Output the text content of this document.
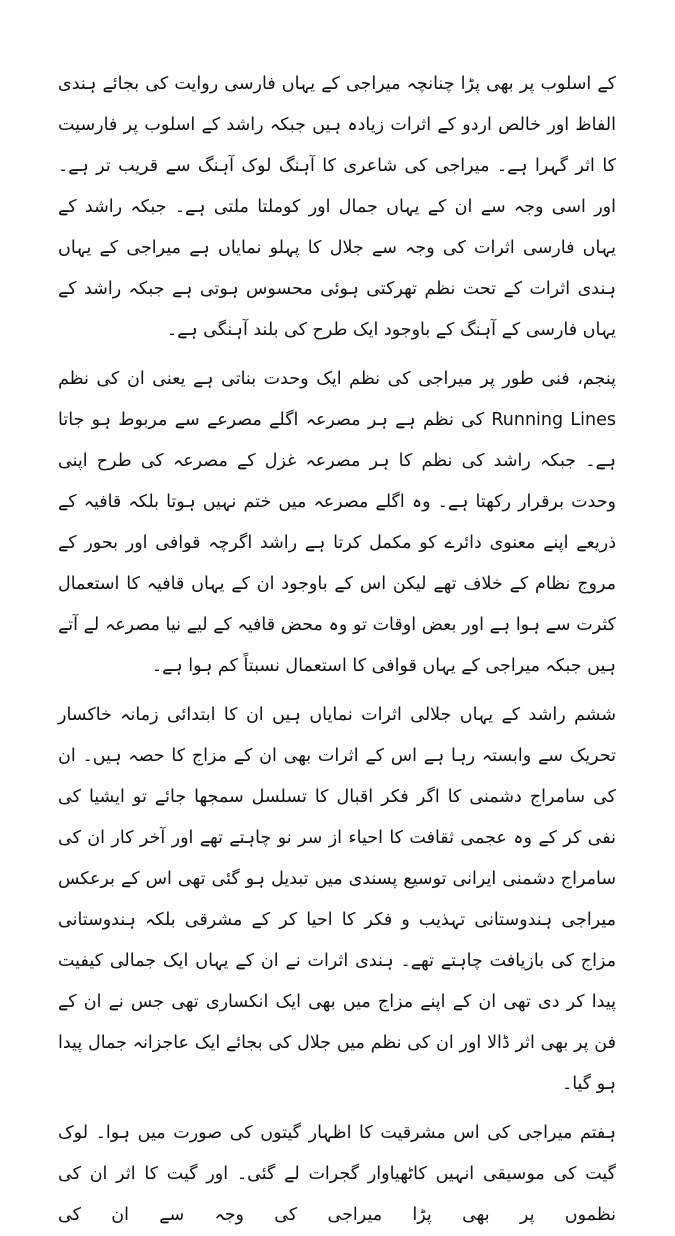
کے اسلوب پر بھی پڑا چنانچہ میراجی کے یہاں فارسی روایت کی بجائے ہندی الفاظ اور خالص اردو کے اثرات زیادہ ہیں جبکہ راشد کے اسلوب پر فارسیت کا اثر گہرا ہے۔ میراجی کی شاعری کا آہنگ لوک آہنگ سے قریب تر ہے۔ اور اسی وجہ سے ان کے یہاں جمال اور کوملتا ملتی ہے۔ جبکہ راشد کے یہاں فارسی اثرات کی وجہ سے جلال کا پہلو نمایاں ہے میراجی کے یہاں ہندی اثرات کے تحت نظم تھرکتی ہوئی محسوس ہوتی ہے جبکہ راشد کے یہاں فارسی کے آہنگ کے باوجود ایک طرح کی بلند آہنگی ہے۔

پنجم، فنی طور پر میراجی کی نظم ایک وحدت بناتی ہے یعنی ان کی نظم Running Lines کی نظم ہے ہر مصرعہ اگلے مصرعے سے مربوط ہو جاتا ہے۔ جبکہ راشد کی نظم کا ہر مصرعہ غزل کے مصرعہ کی طرح اپنی وحدت برقرار رکھتا ہے۔ وہ اگلے مصرعہ میں ختم نہیں ہوتا بلکہ قافیہ کے ذریعے اپنے معنوی دائرے کو مکمل کرتا ہے راشد اگرچہ قوافی اور بحور کے مروج نظام کے خلاف تھے لیکن اس کے باوجود ان کے یہاں قافیہ کا استعمال کثرت سے ہوا ہے اور بعض اوقات تو وہ محض قافیہ کے لیے نیا مصرعہ لے آتے ہیں جبکہ میراجی کے یہاں قوافی کا استعمال نسبتاً کم ہوا ہے۔

ششم راشد کے یہاں جلالی اثرات نمایاں ہیں ان کا ابتدائی زمانہ خاکسار تحریک سے وابستہ رہا ہے اس کے اثرات بھی ان کے مزاج کا حصہ ہیں۔ ان کی سامراج دشمنی کا اگر فکر اقبال کا تسلسل سمجھا جائے تو ایشیا کی نفی کر کے وہ عجمی ثقافت کا احیاء از سر نو چاہتے تھے اور آخر کار ان کی سامراج دشمنی ایرانی توسیع پسندی میں تبدیل ہو گئی تھی اس کے برعکس میراجی ہندوستانی تہذیب و فکر کا احیا کر کے مشرقی بلکہ ہندوستانی مزاج کی بازیافت چاہتے تھے۔ ہندی اثرات نے ان کے یہاں ایک جمالی کیفیت پیدا کر دی تھی ان کے اپنے مزاج میں بھی ایک انکساری تھی جس نے ان کے فن پر بھی اثر ڈالا اور ان کی نظم میں جلال کی بجائے ایک عاجزانہ جمال پیدا ہو گیا۔

ہفتم میراجی کی اس مشرقیت کا اظہار گیتوں کی صورت میں ہوا۔ لوک گیت کی موسیقی انہیں کاٹھیاوار گجرات لے گئی۔ اور گیت کا اثر ان کی نظموں پر بھی پڑا میراجی کی وجہ سے ان کی
